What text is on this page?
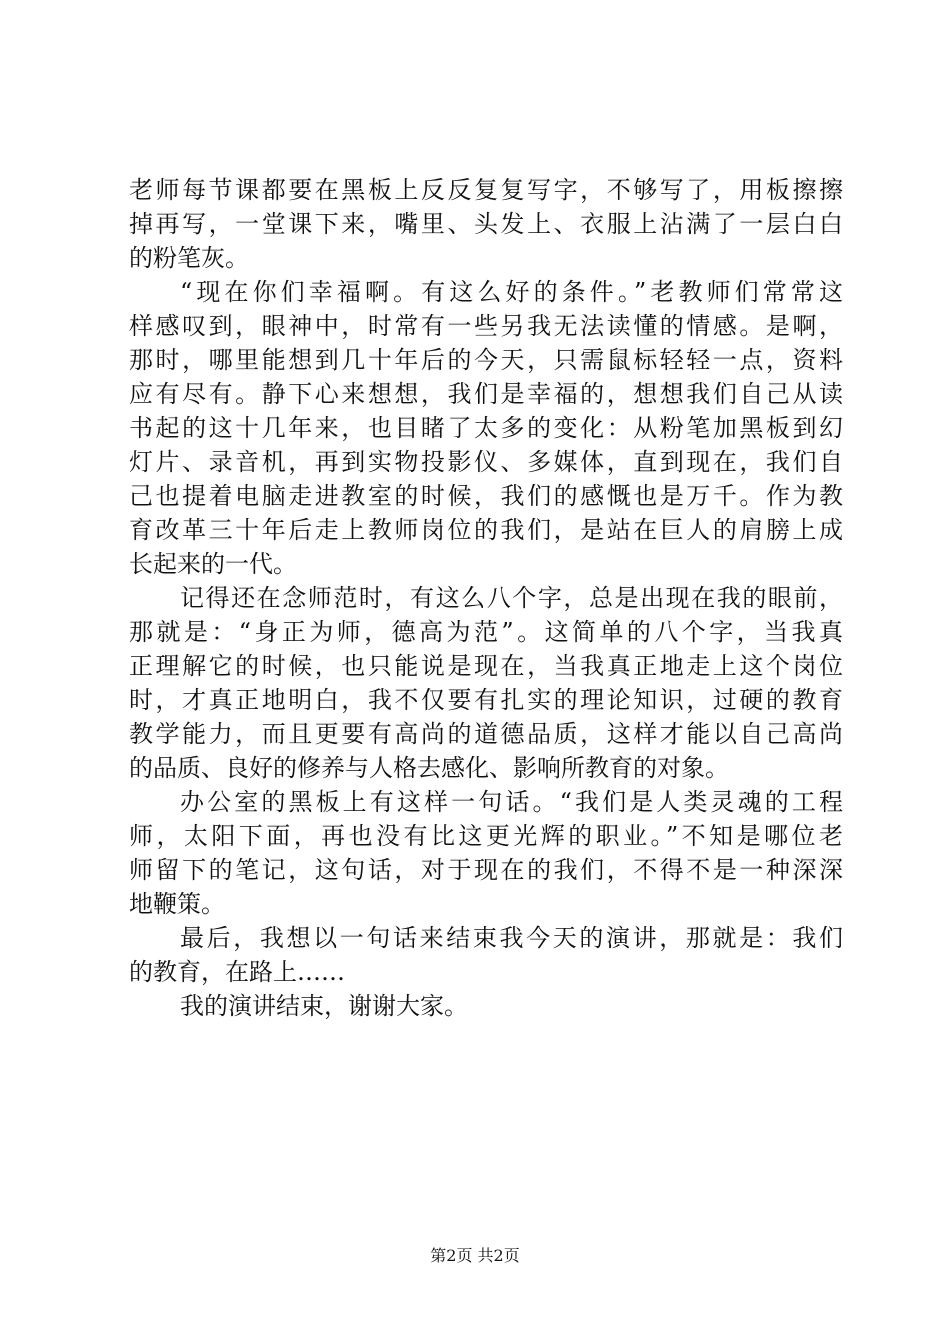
老师每节课都要在黑板上反反复复写字，不够写了，用板擦擦
掉再写，一堂课下来，嘴里、头发上、衣服上沾满了一层白白
的粉笔灰。
“现在你们幸福啊。有这么好的条件。”老教师们常常这
样感叹到，眼神中，时常有一些另我无法读懂的情感。是啊，
那时，哪里能想到几十年后的今天，只需鼠标轻轻一点，资料
应有尽有。静下心来想想，我们是幸福的，想想我们自己从读
书起的这十几年来，也目睹了太多的变化：从粉笔加黑板到幻
灯片、录音机，再到实物投影仪、多媒体，直到现在，我们自
己也提着电脑走进教室的时候，我们的感慨也是万千。作为教
育改革三十年后走上教师岗位的我们，是站在巨人的肩膀上成
长起来的一代。
记得还在念师范时，有这么八个字，总是出现在我的眼前，
那就是：“身正为师，德高为范”。这简单的八个字，当我真
正理解它的时候，也只能说是现在，当我真正地走上这个岗位
时，才真正地明白，我不仅要有扎实的理论知识，过硬的教育
教学能力，而且更要有高尚的道德品质，这样才能以自己高尚
的品质、良好的修养与人格去感化、影响所教育的对象。
办公室的黑板上有这样一句话。“我们是人类灵魂的工程
师，太阳下面，再也没有比这更光辉的职业。”不知是哪位老
师留下的笔记，这句话，对于现在的我们，不得不是一种深深
地鞭策。
最后，我想以一句话来结束我今天的演讲，那就是：我们
的教育，在路上……
我的演讲结束，谢谢大家。
第2页 共2页
